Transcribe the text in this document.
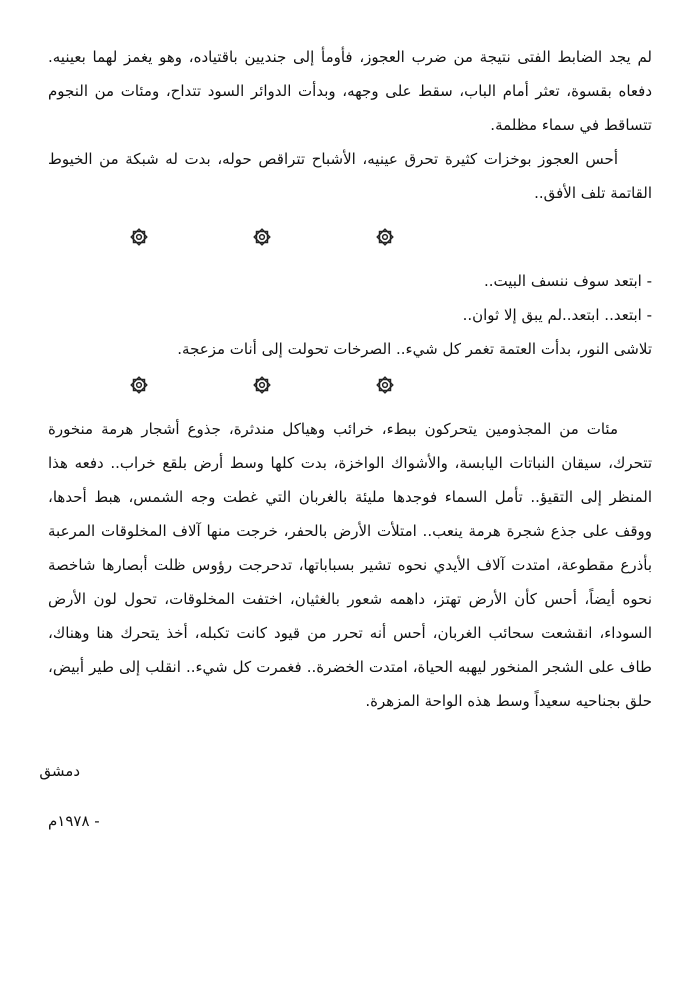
لم يجد الضابط الفتى نتيجة من ضرب العجوز، فأومأ إلى جنديين باقتياده، وهو يغمز لهما بعينيه. دفعاه بقسوة، تعثر أمام الباب، سقط على وجهه، وبدأت الدوائر السود تتداح، ومئات من النجوم تتساقط في سماء مظلمة.

أحس العجوز بوخزات كثيرة تحرق عينيه، الأشباح تتراقص حوله، بدت له شبكة من الخيوط القاتمة تلف الأفق..

- ابتعد سوف ننسف البيت..

- ابتعد.. ابتعد..لم يبق إلا ثوان..

تلاشى النور، بدأت العتمة تغمر كل شيء.. الصرخات تحولت إلى أنات مزعجة.

مئات من المجذومين يتحركون ببطء، خرائب وهياكل مندثرة، جذوع أشجار هرمة منخورة تتحرك، سيقان النباتات اليابسة، والأشواك الواخزة، بدت كلها وسط أرض بلقع خراب.. دفعه هذا المنظر إلى التقيؤ.. تأمل السماء فوجدها مليئة بالغربان التي غطت وجه الشمس، هبط أحدها، ووقف على جذع شجرة هرمة ينعب.. امتلأت الأرض بالحفر، خرجت منها آلاف المخلوقات المرعبة بأذرع مقطوعة، امتدت آلاف الأيدي نحوه تشير بسباباتها، تدحرجت رؤوس ظلت أبصارها شاخصة نحوه أيضاً، أحس كأن الأرض تهتز، داهمه شعور بالغثيان، اختفت المخلوقات، تحول لون الأرض السوداء، انقشعت سحائب الغربان، أحس أنه تحرر من قيود كانت تكبله، أخذ يتحرك هنا وهناك، طاف على الشجر المنخور ليهبه الحياة، امتدت الخضرة.. فغمرت كل شيء.. انقلب إلى طير أبيض، حلق بجناحيه سعيداً وسط هذه الواحة المزهرة.

دمشق
- ١٩٧٨م
